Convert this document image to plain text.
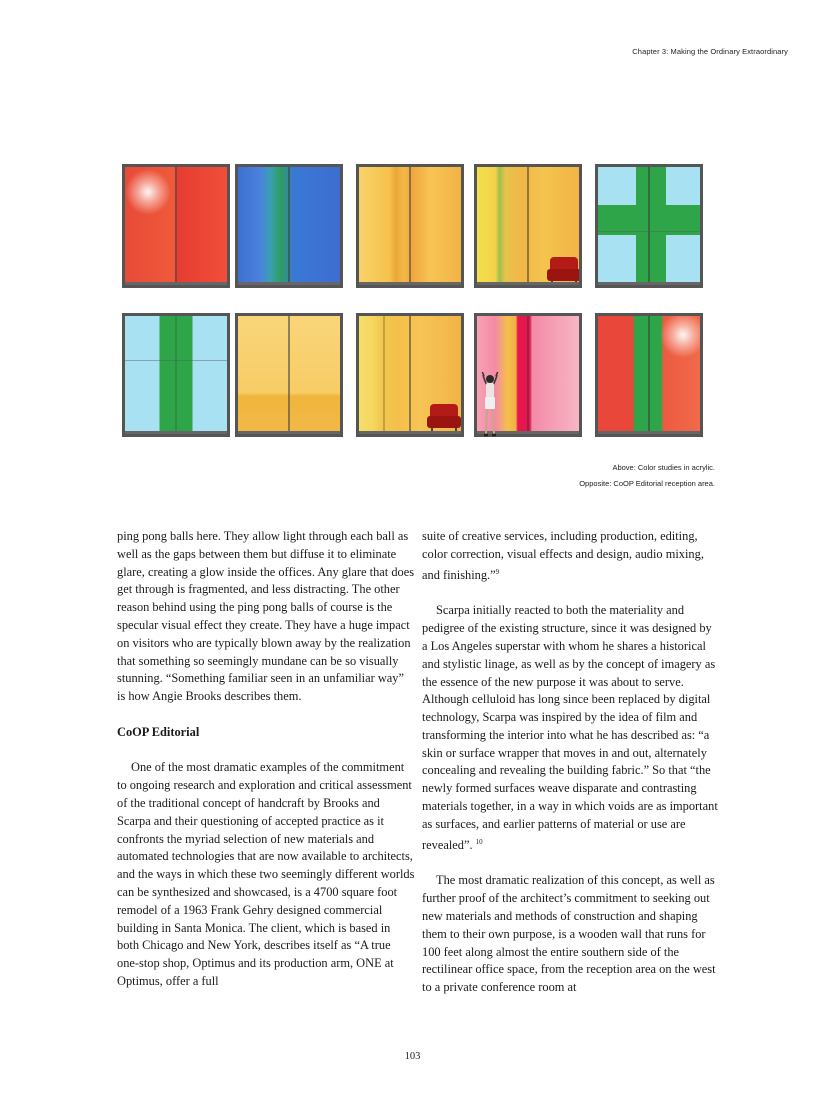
Chapter 3: Making the Ordinary Extraordinary
Above: Color studies in acrylic.
Opposite: CoOP Editorial reception area.

ping pong balls here. They allow light through each ball as well as the gaps between them but diffuse it to eliminate glare, creating a glow inside the offices. Any glare that does get through is fragmented, and less distracting. The other reason behind using the ping pong balls of course is the specular visual effect they create. They have a huge impact on visitors who are typically blown away by the realization that something so seemingly mundane can be so visually stunning. “Something familiar seen in an unfamiliar way” is how Angie Brooks describes them.

CoOP Editorial

One of the most dramatic examples of the commitment to ongoing research and exploration and critical assessment of the traditional concept of handcraft by Brooks and Scarpa and their questioning of accepted practice as it confronts the myriad selection of new materials and automated technologies that are now available to architects, and the ways in which these two seemingly different worlds can be synthesized and showcased, is a 4700 square foot remodel of a 1963 Frank Gehry designed commercial building in Santa Monica. The client, which is based in both Chicago and New York, describes itself as “A true one-stop shop, Optimus and its production arm, ONE at Optimus, offer a full

suite of creative services, including production, editing, color correction, visual effects and design, audio mixing, and finishing.”$^9$

Scarpa initially reacted to both the materiality and pedigree of the existing structure, since it was designed by a Los Angeles superstar with whom he shares a historical and stylistic linage, as well as by the concept of imagery as the essence of the new purpose it was about to serve. Although celluloid has long since been replaced by digital technology, Scarpa was inspired by the idea of film and transforming the interior into what he has described as: “a skin or surface wrapper that moves in and out, alternately concealing and revealing the building fabric.” So that “the newly formed surfaces weave disparate and contrasting materials together, in a way in which voids are as important as surfaces, and earlier patterns of material or use are revealed”. $^{10}$

The most dramatic realization of this concept, as well as further proof of the architect’s commitment to seeking out new materials and methods of construction and shaping them to their own purpose, is a wooden wall that runs for 100 feet along almost the entire southern side of the rectilinear office space, from the reception area on the west to a private conference room at

103
